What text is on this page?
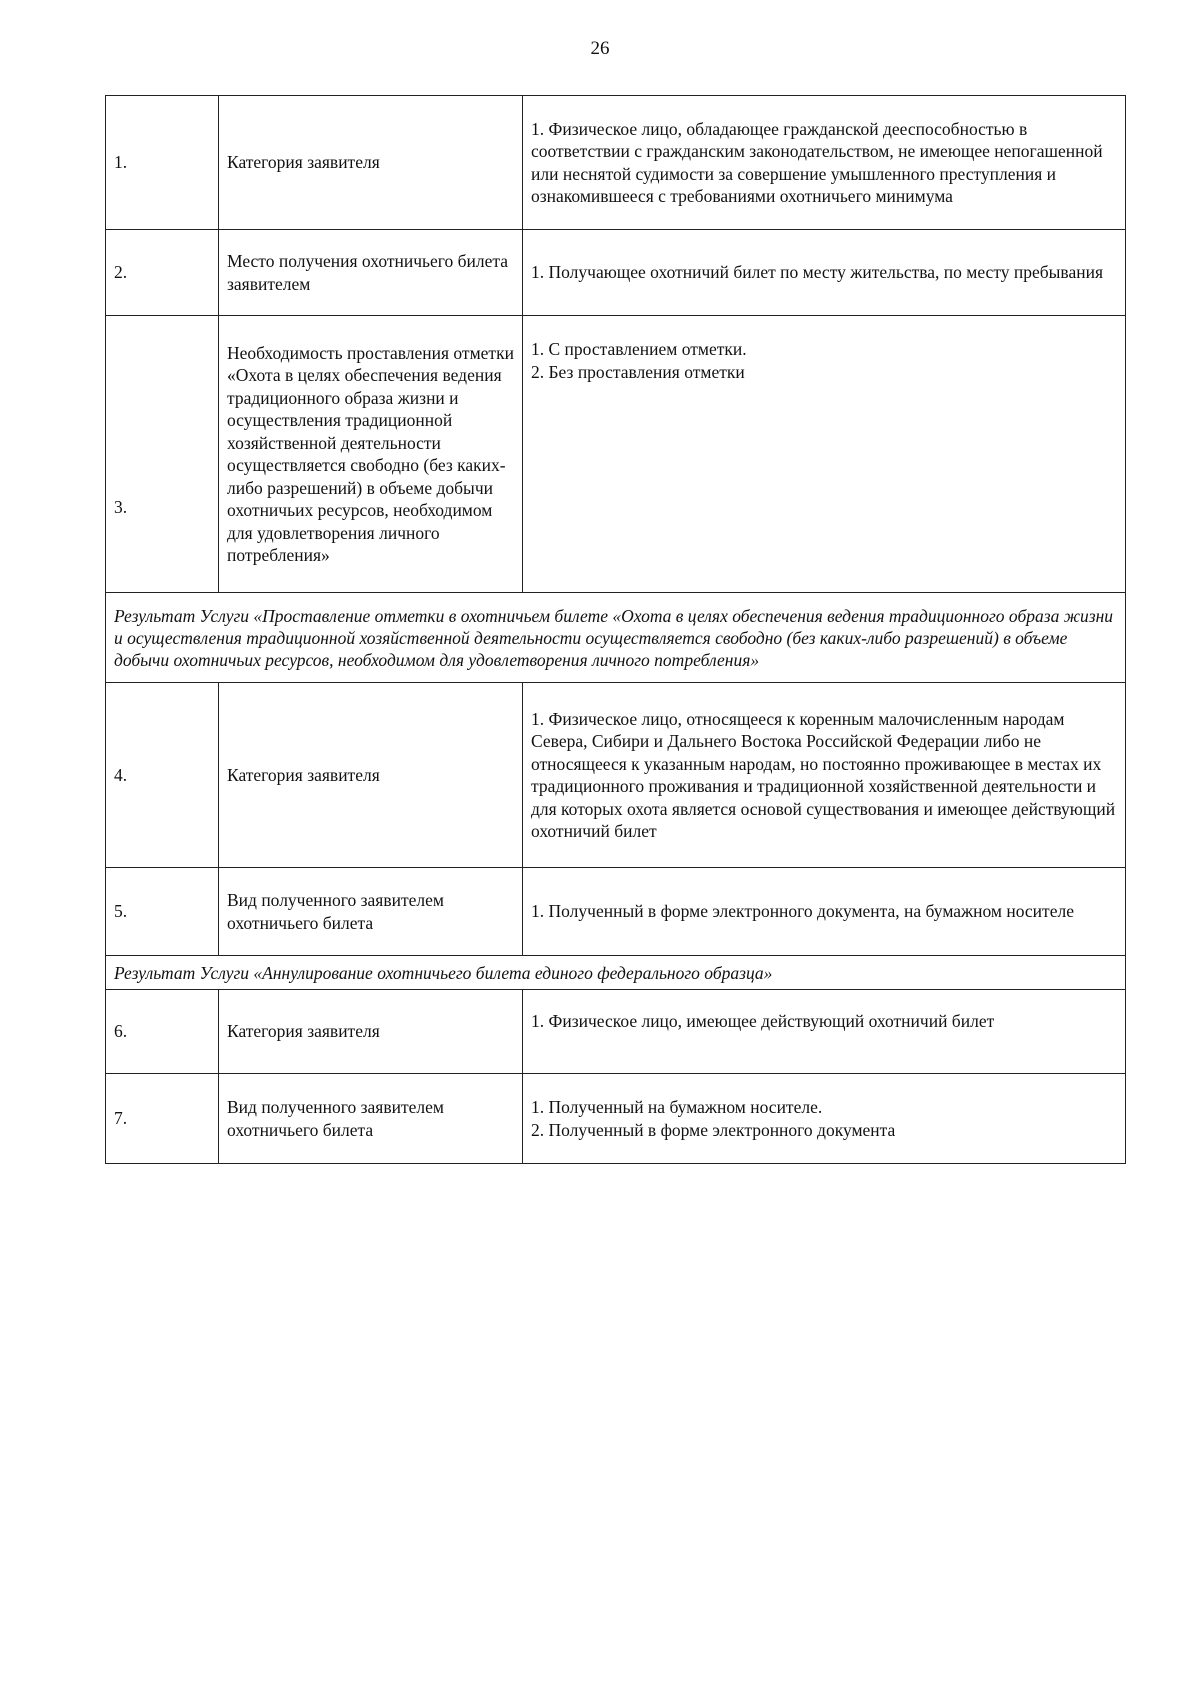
26
1.	Категория заявителя	1. Физическое лицо, обладающее гражданской дееспособностью в соответствии с гражданским законодательством, не имеющее непогашенной или неснятой судимости за совершение умышленного преступления и ознакомившееся с требованиями охотничьего минимума

2.	Место получения охотничьего билета заявителем	1. Получающее охотничий билет по месту жительства, по месту пребывания

3.	Необходимость проставления отметки «Охота в целях обеспечения ведения традиционного образа жизни и осуществления традиционной хозяйственной деятельности осуществляется свободно (без каких-либо разрешений) в объеме добычи охотничьих ресурсов, необходимом для удовлетворения личного потребления»	1. С проставлением отметки.
2. Без проставления отметки

Результат Услуги «Проставление отметки в охотничьем билете «Охота в целях обеспечения ведения традиционного образа жизни и осуществления традиционной хозяйственной деятельности осуществляется свободно (без каких-либо разрешений) в объеме добычи охотничьих ресурсов, необходимом для удовлетворения личного потребления»		
4.	Категория заявителя	1. Физическое лицо, относящееся к коренным малочисленным народам Севера, Сибири и Дальнего Востока Российской Федерации либо не относящееся к указанным народам, но постоянно проживающее в местах их традиционного проживания и традиционной хозяйственной деятельности и для которых охота является основой существования и имеющее действующий охотничий билет

5.	Вид полученного заявителем охотничьего билета	1. Полученный в форме электронного документа, на бумажном носителе

Результат Услуги «Аннулирование охотничьего билета единого федерального образца»		
6.	Категория заявителя	1. Физическое лицо, имеющее действующий охотничий билет

7.	Вид полученного заявителем охотничьего билета	1. Полученный на бумажном носителе.
2. Полученный в форме электронного документа
